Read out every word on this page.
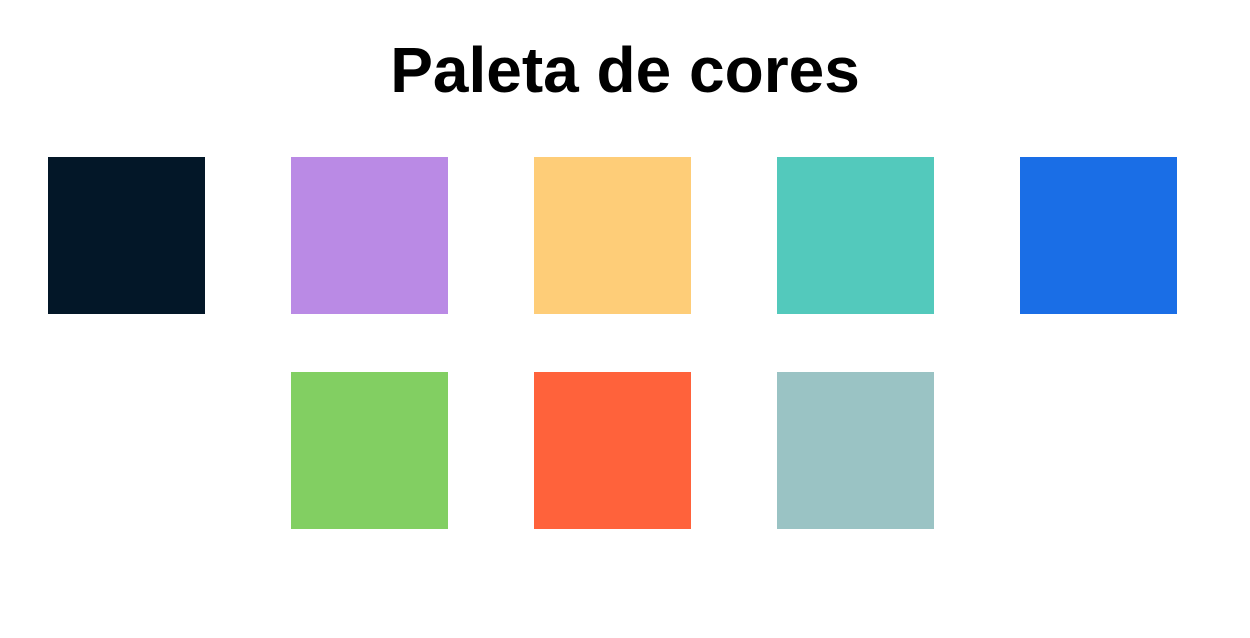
Paleta de cores
